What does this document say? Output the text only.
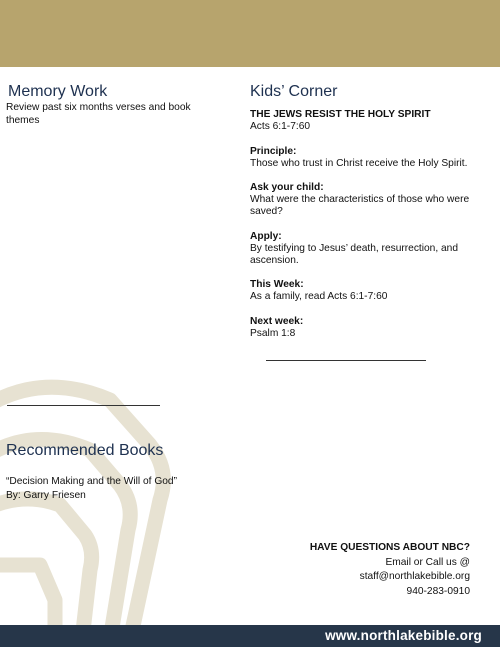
Memory Work
Review past six months verses and book themes
Kids’ Corner
THE JEWS RESIST THE HOLY SPIRIT
Acts 6:1-7:60
Principle:
Those who trust in Christ receive the Holy Spirit.
Ask your child:
What were the characteristics of those who were saved?
Apply:
By testifying to Jesus’ death, resurrection, and ascension.
This Week:
As a family, read Acts 6:1-7:60
Next week:
Psalm 1:8
Recommended Books
“Decision Making and the Will of God”
By: Garry Friesen
HAVE QUESTIONS ABOUT NBC?
Email or Call us @
staff@northlakebible.org
940-283-0910
www.northlakebible.org
